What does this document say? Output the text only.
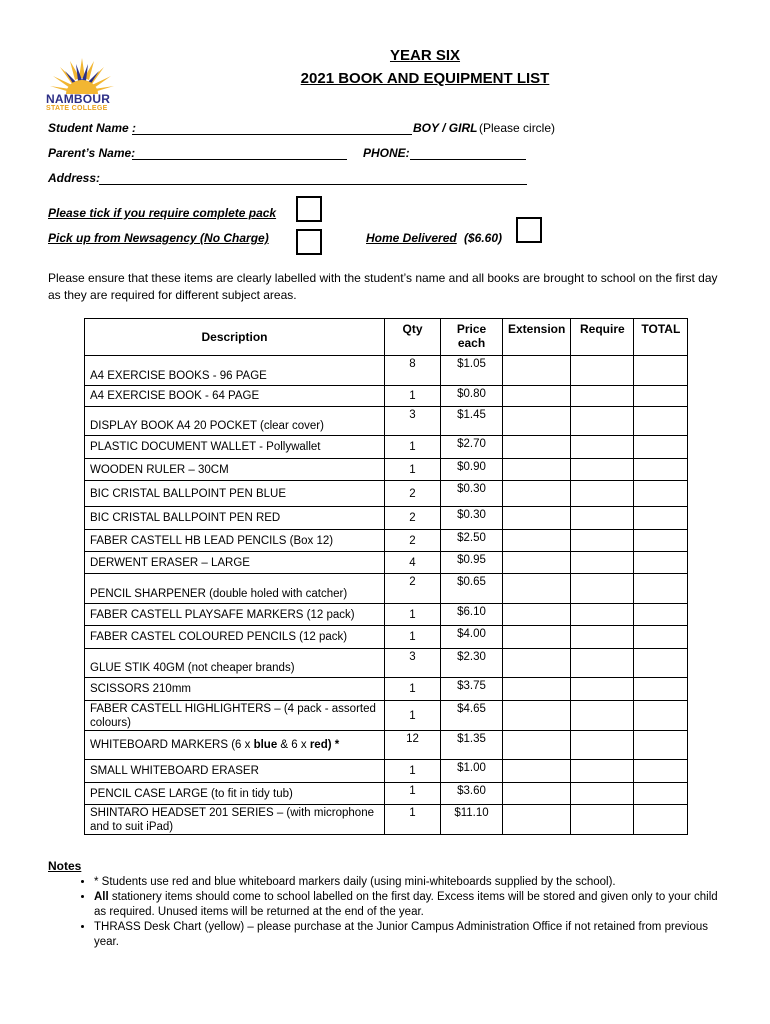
NAMBOUR
STATE COLLEGE
YEAR SIX
2021 BOOK AND EQUIPMENT LIST
Student Name :	BOY / GIRL (Please circle)
Parent’s Name:	PHONE:
Address:
Please tick if you require complete pack
Pick up from Newsagency (No Charge)	Home Delivered ($6.60)
Please ensure that these items are clearly labelled with the student’s name and all books are brought to school on the first day as they are required for different subject areas.
Description	Qty	Price each	Extension	Require	TOTAL
A4 EXERCISE BOOKS - 96 PAGE	8	$1.05			
A4 EXERCISE BOOK - 64 PAGE	1	$0.80			
DISPLAY BOOK A4 20 POCKET (clear cover)	3	$1.45			
PLASTIC DOCUMENT WALLET - Pollywallet	1	$2.70			
WOODEN RULER – 30CM	1	$0.90			
BIC CRISTAL BALLPOINT PEN BLUE	2	$0.30			
BIC CRISTAL BALLPOINT PEN RED	2	$0.30			
FABER CASTELL HB LEAD PENCILS (Box 12)	2	$2.50			
DERWENT ERASER – LARGE	4	$0.95			
PENCIL SHARPENER (double holed with catcher)	2	$0.65			
FABER CASTELL PLAYSAFE MARKERS (12 pack)	1	$6.10			
FABER CASTEL COLOURED PENCILS (12 pack)	1	$4.00			
GLUE STIK 40GM (not cheaper brands)	3	$2.30			
SCISSORS 210mm	1	$3.75			
FABER CASTELL HIGHLIGHTERS – (4 pack - assorted colours)	1	$4.65			
WHITEBOARD MARKERS (6 x blue & 6 x red) *	12	$1.35			
SMALL WHITEBOARD ERASER	1	$1.00			
PENCIL CASE LARGE (to fit in tidy tub)	1	$3.60			
SHINTARO HEADSET 201 SERIES – (with microphone and to suit iPad)	1	$11.10			
Notes
• * Students use red and blue whiteboard markers daily (using mini-whiteboards supplied by the school).
• All stationery items should come to school labelled on the first day. Excess items will be stored and given only to your child as required. Unused items will be returned at the end of the year.
• THRASS Desk Chart (yellow) – please purchase at the Junior Campus Administration Office if not retained from previous year.
